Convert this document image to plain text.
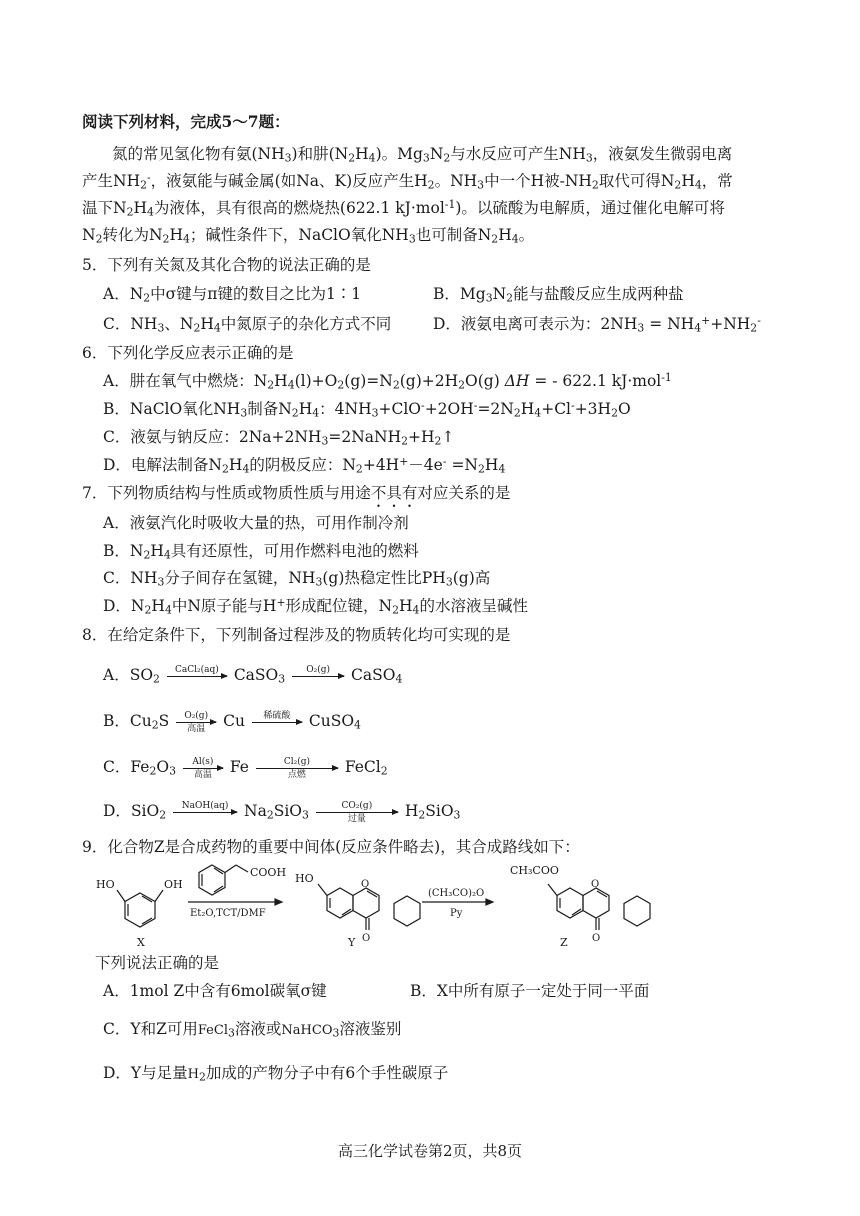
阅读下列材料，完成5～7题：
氮的常见氢化物有氨$(NH_3)$和肼$(N_2H_4)$。$Mg_3N_2$与水反应可产生$NH_3$，液氨发生微弱电离
产生$NH_2^-$，液氨能与碱金属(如Na、K)反应产生$H_2$。$NH_3$中一个H被$-NH_2$取代可得$N_2H_4$，常
温下$N_2H_4$为液体，具有很高的燃烧热(622.1 kJ·mol$^{-1}$)。以硫酸为电解质，通过催化电解可将
$N_2$转化为$N_2H_4$；碱性条件下，NaClO氧化$NH_3$也可制备$N_2H_4$。
5．下列有关氮及其化合物的说法正确的是
A．$N_2$中σ键与π键的数目之比为1∶1	B．$Mg_3N_2$能与盐酸反应生成两种盐
C．$NH_3$、$N_2H_4$中氮原子的杂化方式不同	D．液氨电离可表示为：$2NH_3 = NH_4^++NH_2^-$
6．下列化学反应表示正确的是
A．肼在氧气中燃烧：$N_2H_4(l)+O_2(g)=N_2(g)+2H_2O(g) \Delta H$ = - 622.1 kJ·mol$^{-1}$
B．NaClO氧化$NH_3$制备$N_2H_4$：$4NH_3+ClO^-+2OH^-=2N_2H_4+Cl^-+3H_2O$
C．液氨与钠反应：$2Na+2NH_3=2NaNH_2+H_2↑$
D．电解法制备$N_2H_4$的阴极反应：$N_2+4H^+-4e^- =N_2H_4$
7．下列物质结构与性质或物质性质与用途不具有对应关系的是
A．液氨汽化时吸收大量的热，可用作制冷剂
B．$N_2H_4$具有还原性，可用作燃料电池的燃料
C．$NH_3$分子间存在氢键，$NH_3(g)$热稳定性比$PH_3(g)$高
D．$N_2H_4$中N原子能与H+形成配位键，$N_2H_4$的水溶液呈碱性
8．在给定条件下，下列制备过程涉及的物质转化均可实现的是
A．$SO_2$
CaCl₂(aq)
CaSO$_3$
O₂(g)
	CaSO$_4$
B．$Cu_2S$	O₂(g)
高温	Cu	稀硫酸
	CuSO$_4$
C．$Fe_2O_3$
Al(s)
高温	Fe	Cl₂(g)
点燃	FeCl$_2$
D．SiO$_2$
NaOH(aq)
	$Na_2SiO_3$
CO₂(g)
过量	$H_2SiO_3$
9．化合物Z是合成药物的重要中间体(反应条件略去)，其合成路线如下：
HO	OH
X
COOH
Et₂O,TCT/DMF
HO	O
O
Y
(CH₃CO)₂O
Py
CH₃COO
O
O
Z
下列说法正确的是
A．1mol Z中含有6mol碳氧σ键	B．X中所有原子一定处于同一平面
C．Y和Z可用FeCl$_3$溶液或NaHCO$_3$溶液鉴别
D．Y与足量$H_2$加成的产物分子中有6个手性碳原子
高三化学试卷第2页，共8页
